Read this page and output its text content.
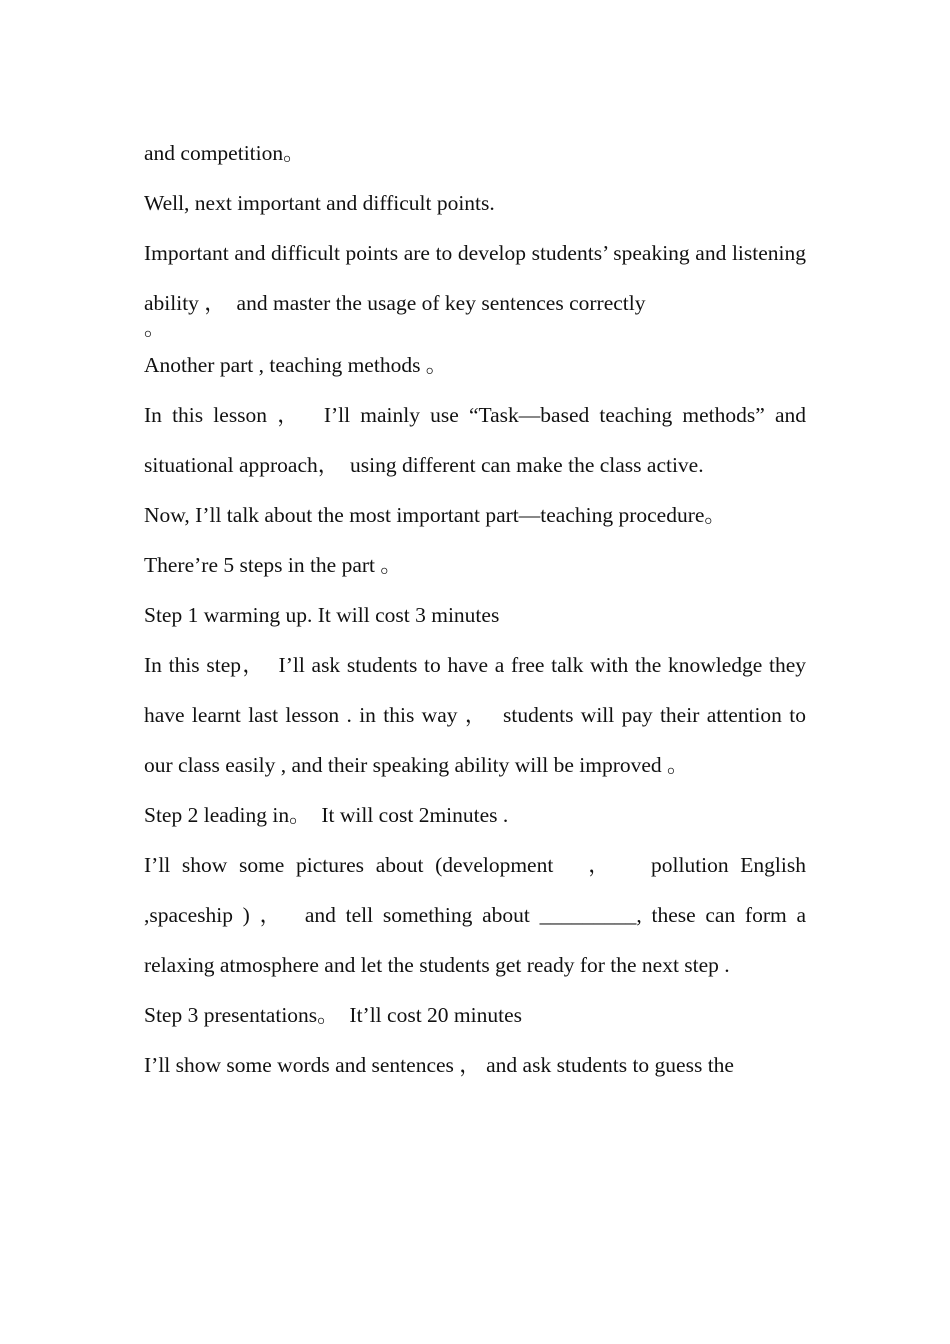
and competition。

Well, next important and difficult points.

Important and difficult points are to develop students’ speaking and listening ability ，  and master the usage of key sentences correctly

。

Another part , teaching methods 。

In this lesson ，  I’ll mainly use “Task—based teaching methods” and situational approach，  using different can make the class active.

Now, I’ll talk about the most important part—teaching procedure。

There’re 5 steps in the part 。

Step 1 warming up. It will cost 3 minutes

In this step，  I’ll ask students to have a free talk with the knowledge they have learnt last lesson . in this way ，  students will pay their attention to our class easily , and their speaking ability will be improved 。

Step 2 leading in。  It will cost 2minutes .

I’ll show some pictures about (development   ，   pollution English ,spaceship ) ，  and tell something about _________, these can form a relaxing atmosphere and let the students get ready for the next step .

Step 3 presentations。  It’ll cost 20 minutes

I’ll show some words and sentences ， and ask students to guess the
